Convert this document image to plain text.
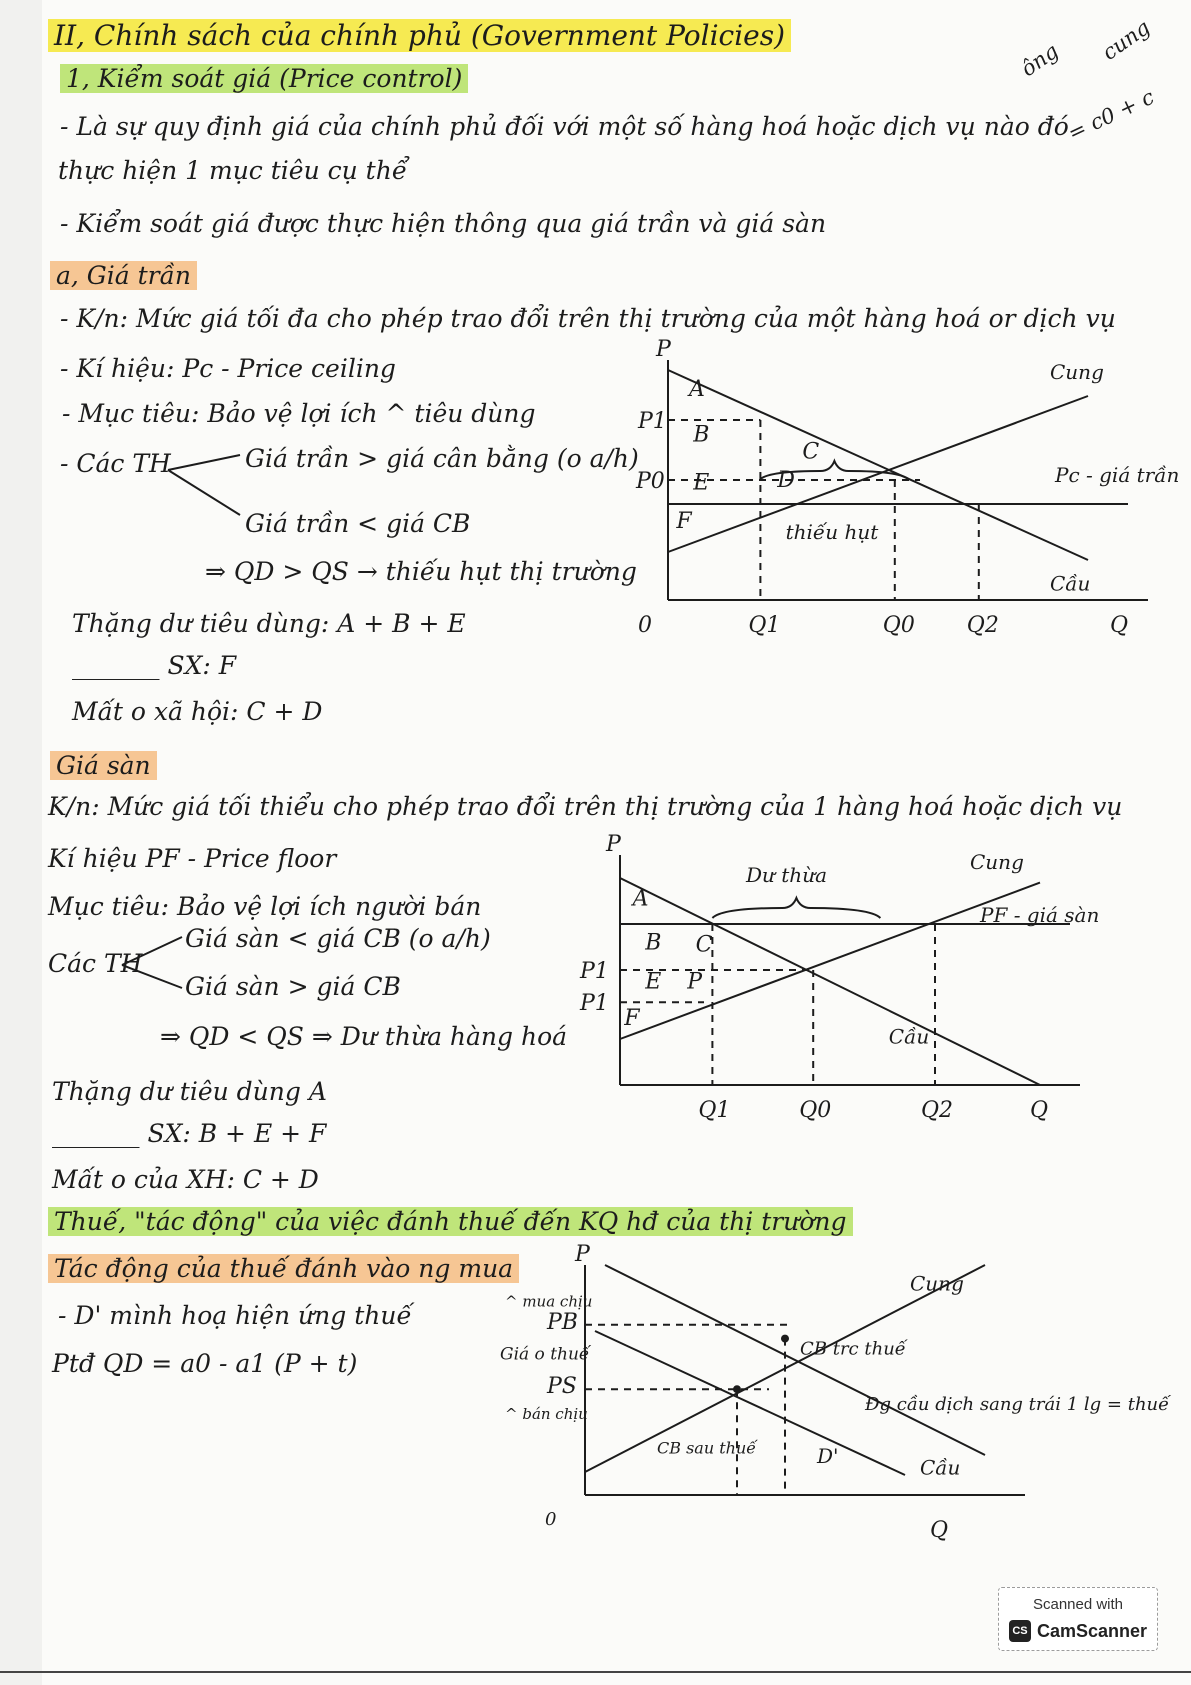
II, Chính sách của chính phủ (Government Policies)
1, Kiểm soát giá (Price control)
- Là sự quy định giá của chính phủ đối với một số hàng hoá hoặc dịch vụ nào đó
thực hiện 1 mục tiêu cụ thể
- Kiểm soát giá được thực hiện thông qua giá trần và giá sàn
ông cung
= c0 + c
a, Giá trần
- K/n: Mức giá tối đa cho phép trao đổi trên thị trường của một hàng hoá or dịch vụ
- Kí hiệu: Pc - Price ceiling
- Mục tiêu: Bảo vệ lợi ích ^ tiêu dùng
- Các TH	Giá trần > giá cân bằng (o a/h)
Giá trần < giá CB
⇒ QD > QS → thiếu hụt thị trường
Thặng dư tiêu dùng: A + B + E
_______ SX: F
Mất o xã hội: C + D
P
P1
P0
Cung
Cầu
Pc - giá trần
Q1	Q0 Q2	Q
0
thiếu hụt
A
B
C
E	D
F
Giá sàn
K/n: Mức giá tối thiểu cho phép trao đổi trên thị trường của 1 hàng hoá hoặc dịch vụ
Kí hiệu PF - Price floor
Mục tiêu: Bảo vệ lợi ích người bán
Các TH
Giá sàn < giá CB (o a/h)
Giá sàn > giá CB
⇒ QD < QS ⇒ Dư thừa hàng hoá
Thặng dư tiêu dùng A
_______ SX: B + E + F
Mất o của XH: C + D
P
P1
P1
Dư thừa
Cung
PF - giá sàn
Cầu
Q1	Q0	Q2	Q
A
B C
E P
F
Thuế, "tác động" của việc đánh thuế đến KQ hđ của thị trường
Tác động của thuế đánh vào ng mua
- D' mình hoạ hiện ứng thuế
Ptđ QD = a0 - a1 (P + t)
P
PB
PS
^ mua chịu
Giá o thuế
^ bán chịu
Cung
CB trc thuế
Đg cầu dịch sang trái 1 lg = thuế
CB sau thuế	D'	Cầu
0	Q
Scanned with
CS CamScanner
